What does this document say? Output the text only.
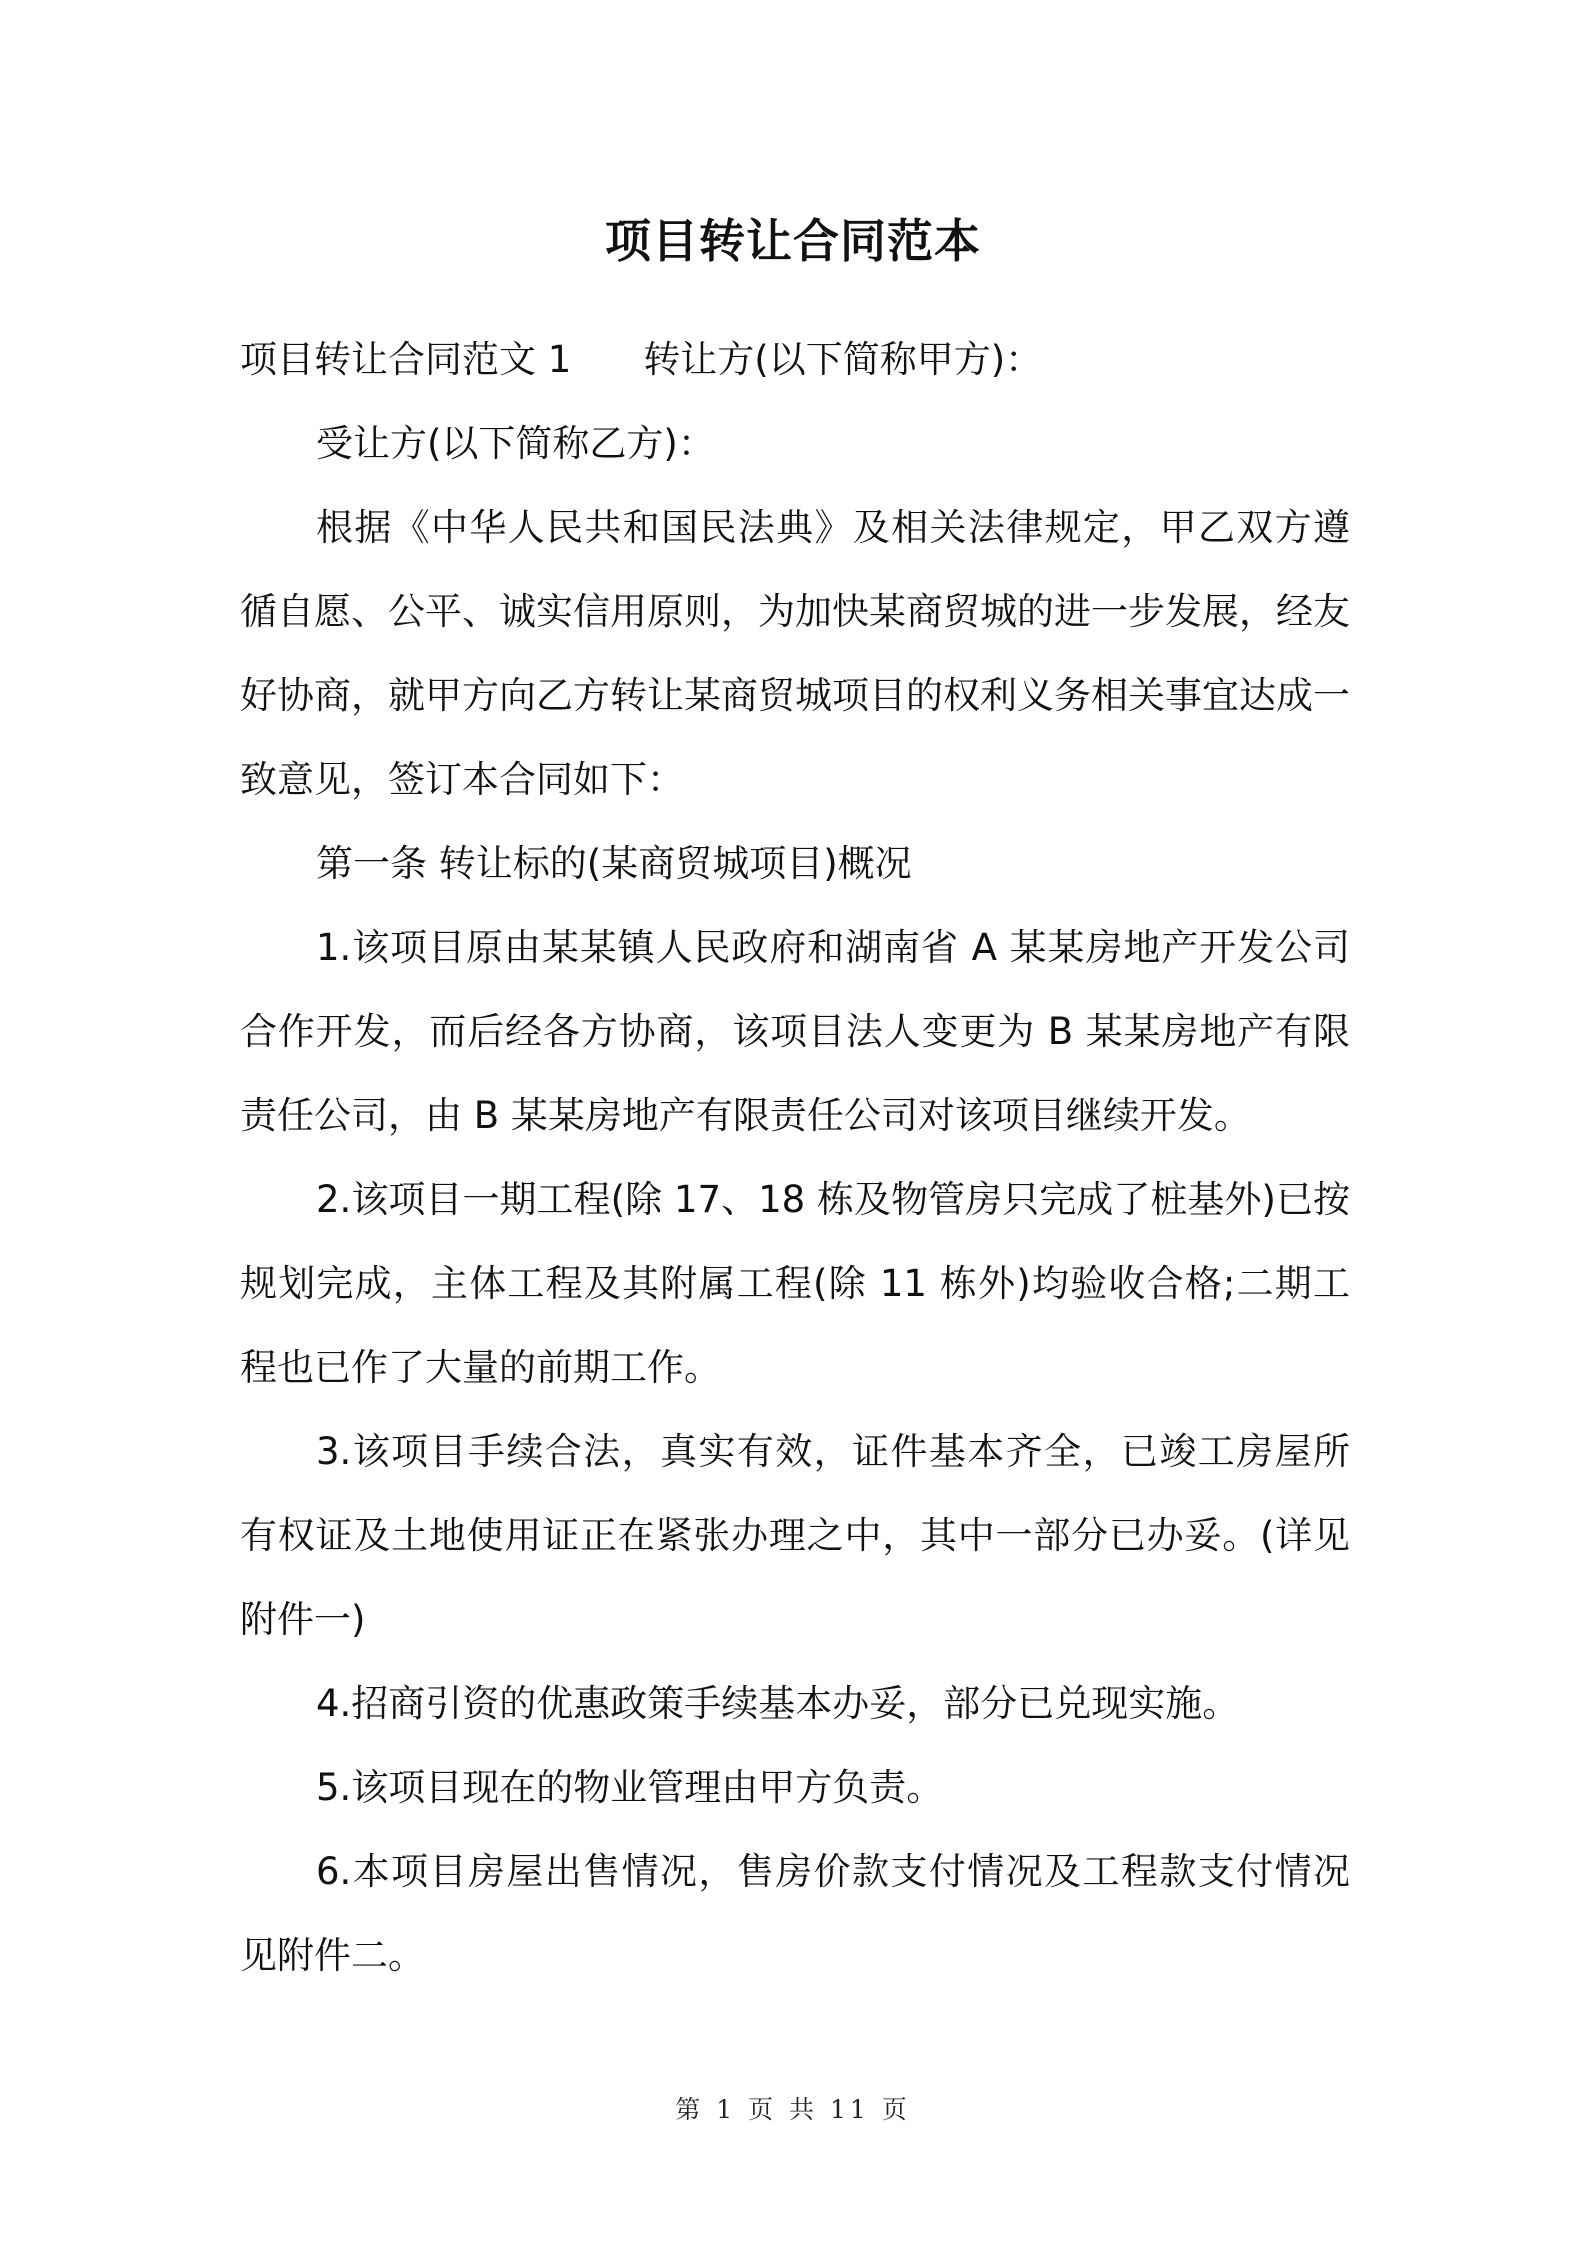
项目转让合同范本

项目转让合同范文 1 转让方(以下简称甲方)：

受让方(以下简称乙方)：

根据《中华人民共和国民法典》及相关法律规定，甲乙双方遵循自愿、公平、诚实信用原则，为加快某商贸城的进一步发展，经友好协商，就甲方向乙方转让某商贸城项目的权利义务相关事宜达成一致意见，签订本合同如下：

第一条 转让标的(某商贸城项目)概况

1.该项目原由某某镇人民政府和湖南省 A 某某房地产开发公司合作开发，而后经各方协商，该项目法人变更为 B 某某房地产有限责任公司，由 B 某某房地产有限责任公司对该项目继续开发。

2.该项目一期工程(除 17、18 栋及物管房只完成了桩基外)已按规划完成，主体工程及其附属工程(除 11 栋外)均验收合格;二期工程也已作了大量的前期工作。

3.该项目手续合法，真实有效，证件基本齐全，已竣工房屋所有权证及土地使用证正在紧张办理之中，其中一部分已办妥。(详见附件一)

4.招商引资的优惠政策手续基本办妥，部分已兑现实施。

5.该项目现在的物业管理由甲方负责。

6.本项目房屋出售情况，售房价款支付情况及工程款支付情况见附件二。

第 1 页 共 11 页
